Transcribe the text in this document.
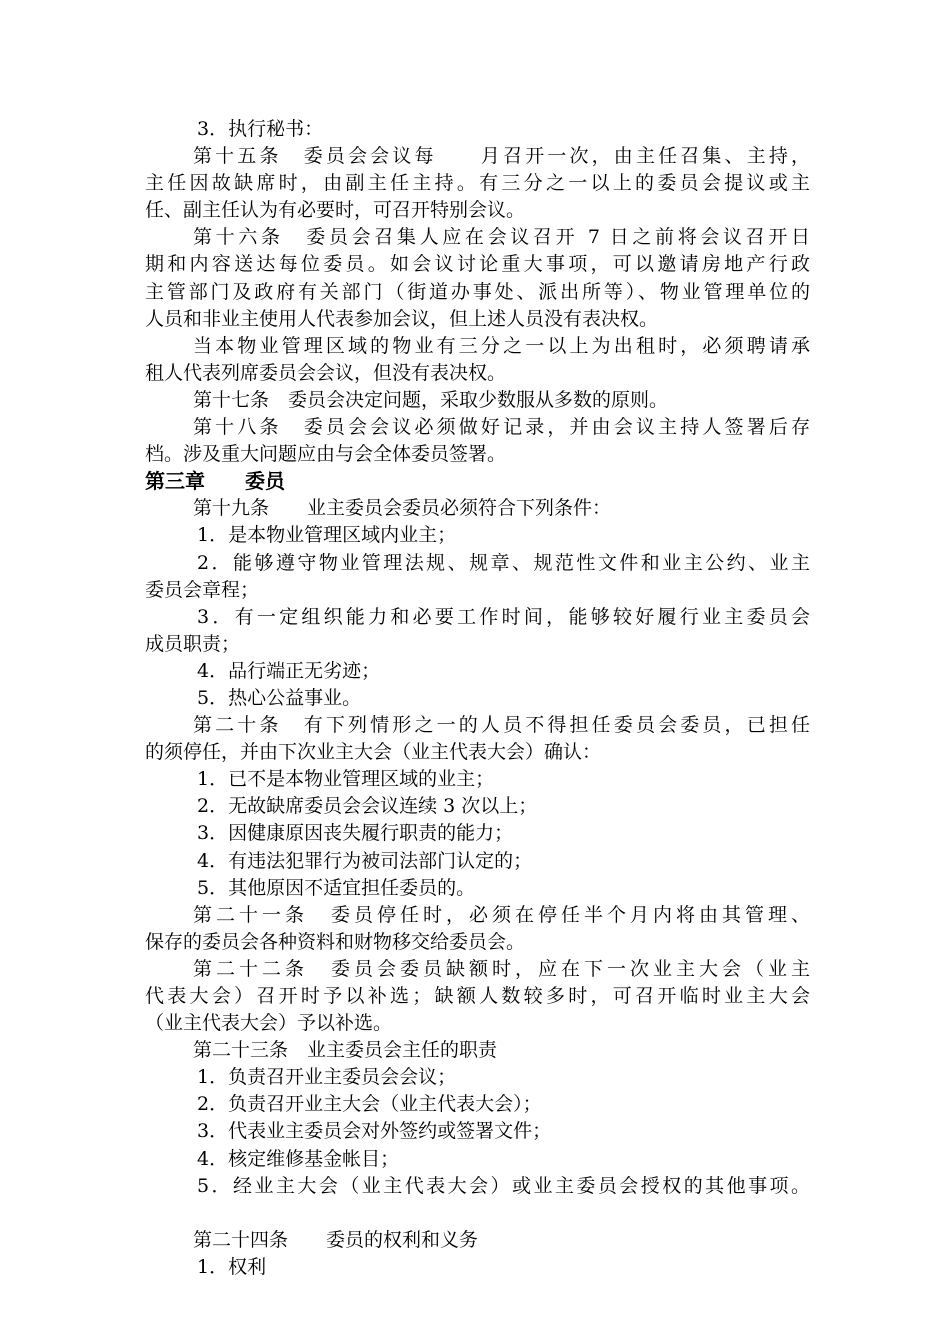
3．执行秘书：
第十五条　委员会会议每　　月召开一次，由主任召集、主持，
主任因故缺席时，由副主任主持。有三分之一以上的委员会提议或主
任、副主任认为有必要时，可召开特别会议。
第十六条　委员会召集人应在会议召开 7 日之前将会议召开日
期和内容送达每位委员。如会议讨论重大事项，可以邀请房地产行政
主管部门及政府有关部门（街道办事处、派出所等）、物业管理单位的
人员和非业主使用人代表参加会议，但上述人员没有表决权。
当本物业管理区域的物业有三分之一以上为出租时，必须聘请承
租人代表列席委员会会议，但没有表决权。
第十七条　委员会决定问题，采取少数服从多数的原则。
第十八条　委员会会议必须做好记录，并由会议主持人签署后存
档。涉及重大问题应由与会全体委员签署。
第三章　　委员
第十九条　　业主委员会委员必须符合下列条件：
1．是本物业管理区域内业主；
2．能够遵守物业管理法规、规章、规范性文件和业主公约、业主
委员会章程；
3．有一定组织能力和必要工作时间，能够较好履行业主委员会
成员职责；
4．品行端正无劣迹；
5．热心公益事业。
第二十条　有下列情形之一的人员不得担任委员会委员，已担任
的须停任，并由下次业主大会（业主代表大会）确认：
1．已不是本物业管理区域的业主；
2．无故缺席委员会会议连续 3 次以上；
3．因健康原因丧失履行职责的能力；
4．有违法犯罪行为被司法部门认定的；
5．其他原因不适宜担任委员的。
第二十一条　委员停任时，必须在停任半个月内将由其管理、
保存的委员会各种资料和财物移交给委员会。
第二十二条　委员会委员缺额时，应在下一次业主大会（业主
代表大会）召开时予以补选；缺额人数较多时，可召开临时业主大会
（业主代表大会）予以补选。
第二十三条　业主委员会主任的职责
1．负责召开业主委员会会议；
2．负责召开业主大会（业主代表大会）；
3．代表业主委员会对外签约或签署文件；
4．核定维修基金帐目；
5．经业主大会（业主代表大会）或业主委员会授权的其他事项。
第二十四条　　委员的权利和义务
1．权利
